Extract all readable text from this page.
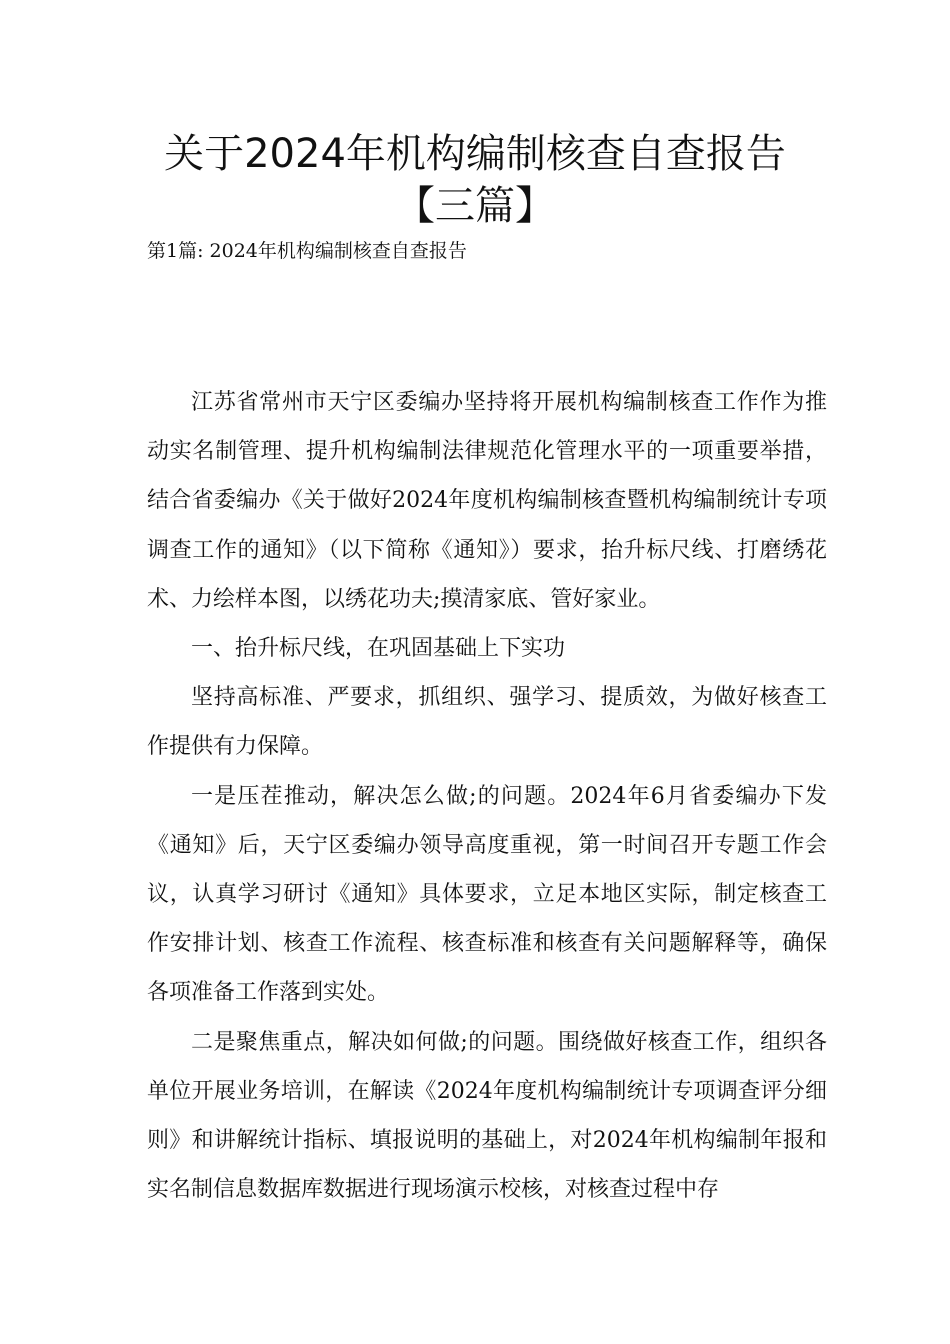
关于2024年机构编制核查自查报告
【三篇】
第1篇: 2024年机构编制核查自查报告

江苏省常州市天宁区委编办坚持将开展机构编制核查工作作为推动实名制管理、提升机构编制法律规范化管理水平的一项重要举措，结合省委编办《关于做好2024年度机构编制核查暨机构编制统计专项调查工作的通知》（以下简称《通知》）要求，抬升标尺线、打磨绣花术、力绘样本图，以绣花功夫;摸清家底、管好家业。

一、抬升标尺线，在巩固基础上下实功

坚持高标准、严要求，抓组织、强学习、提质效，为做好核查工作提供有力保障。

一是压茬推动，解决怎么做;的问题。2024年6月省委编办下发《通知》后，天宁区委编办领导高度重视，第一时间召开专题工作会议，认真学习研讨《通知》具体要求，立足本地区实际，制定核查工作安排计划、核查工作流程、核查标准和核查有关问题解释等，确保各项准备工作落到实处。

二是聚焦重点，解决如何做;的问题。围绕做好核查工作，组织各单位开展业务培训，在解读《2024年度机构编制统计专项调查评分细则》和讲解统计指标、填报说明的基础上，对2024年机构编制年报和实名制信息数据库数据进行现场演示校核，对核查过程中存
